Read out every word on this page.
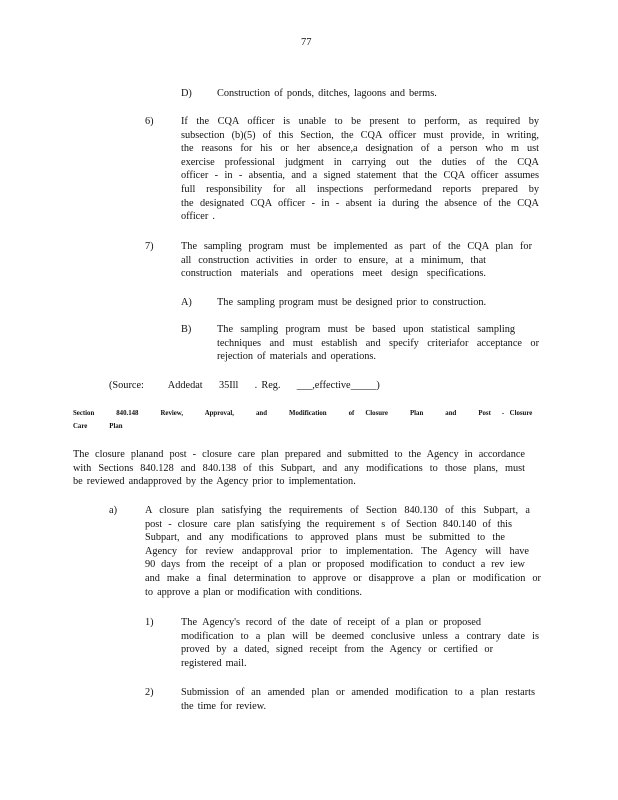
77
D) Construction of ponds, ditches, lagoons and berms.
6)	If the CQA officer is unable to be present to perform, as required by
subsection (b)(5) of this Section, the CQA officer must provide, in writing,
the reasons for his or her absence,a designation of a person who m ust
exercise professional judgment in carrying out the duties of the CQA
officer - in - absentia, and a signed statement that the CQA officer assumes
full responsibility for all inspections performedand reports prepared by
the designated CQA officer - in - absent ia during the absence of the CQA
officer .
7)	The sampling program must be implemented as part of the CQA plan for
all construction activities in order to ensure, at a minimum, that
construction materials and operations meet design specifications.
A) The sampling program must be designed prior to construction.
B) The sampling program must be based upon statistical sampling
techniques and must establish and specify criteriafor acceptance or
rejection of materials and operations.
(Source:      Addedat    35Ill    . Reg.    ___,effective_____)
Section    840.148    Review,    Approval,    and    Modification    of  Closure    Plan    and    Post  - Closure
Care    Plan
The closure planand post - closure care plan prepared and submitted to the Agency in accordance
with Sections 840.128 and 840.138 of this Subpart, and any modifications to those plans, must
be reviewed andapproved by the Agency prior to implementation.
a)	A closure plan satisfying the requirements of Section 840.130 of this Subpart, a
post - closure care plan satisfying the requirement s of Section 840.140 of this
Subpart, and any modifications to approved plans must be submitted to the
Agency for review andapproval prior to implementation. The Agency will have
90 days from the receipt of a plan or proposed modification to conduct a rev iew
and make a final determination to approve or disapprove a plan or modification or
to approve a plan or modification with conditions.
1)	The Agency's record of the date of receipt of a plan or proposed
modification to a plan will be deemed conclusive unless a contrary date is
proved by a dated, signed receipt from the Agency or certified or
registered mail.
2)	Submission of an amended plan or amended modification to a plan restarts
the time for review.
